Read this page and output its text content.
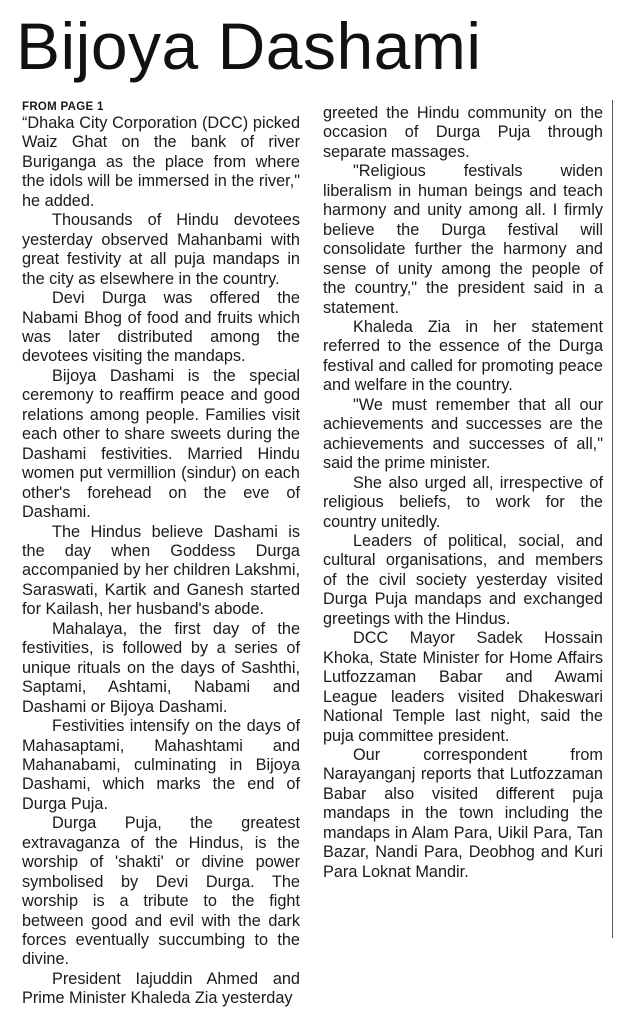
Bijoya Dashami
FROM PAGE 1

“Dhaka City Corporation (DCC) picked Waiz Ghat on the bank of river Buriganga as the place from where the idols will be immersed in the river," he added.

Thousands of Hindu devotees yesterday observed Mahanbami with great festivity at all puja mandaps in the city as elsewhere in the country.

Devi Durga was offered the Nabami Bhog of food and fruits which was later distributed among the devotees visiting the mandaps.

Bijoya Dashami is the special ceremony to reaffirm peace and good relations among people. Families visit each other to share sweets during the Dashami festivities. Married Hindu women put vermillion (sindur) on each other's forehead on the eve of Dashami.

The Hindus believe Dashami is the day when Goddess Durga accompanied by her children Lakshmi, Saraswati, Kartik and Ganesh started for Kailash, her husband's abode.

Mahalaya, the first day of the festivities, is followed by a series of unique rituals on the days of Sashthi, Saptami, Ashtami, Nabami and Dashami or Bijoya Dashami.

Festivities intensify on the days of Mahasaptami, Mahashtami and Mahanabami, culminating in Bijoya Dashami, which marks the end of Durga Puja.

Durga Puja, the greatest extravaganza of the Hindus, is the worship of 'shakti' or divine power symbolised by Devi Durga. The worship is a tribute to the fight between good and evil with the dark forces eventually succumbing to the divine.

President Iajuddin Ahmed and Prime Minister Khaleda Zia yesterday

greeted the Hindu community on the occasion of Durga Puja through separate massages.

"Religious festivals widen liberalism in human beings and teach harmony and unity among all. I firmly believe the Durga festival will consolidate further the harmony and sense of unity among the people of the country," the president said in a statement.

Khaleda Zia in her statement referred to the essence of the Durga festival and called for promoting peace and welfare in the country.

"We must remember that all our achievements and successes are the achievements and successes of all," said the prime minister.

She also urged all, irrespective of religious beliefs, to work for the country unitedly.

Leaders of political, social, and cultural organisations, and members of the civil society yesterday visited Durga Puja mandaps and exchanged greetings with the Hindus.

DCC Mayor Sadek Hossain Khoka, State Minister for Home Affairs Lutfozzaman Babar and Awami League leaders visited Dhakeswari National Temple last night, said the puja committee president.

Our correspondent from Narayanganj reports that Lutfozzaman Babar also visited different puja mandaps in the town including the mandaps in Alam Para, Uikil Para, Tan Bazar, Nandi Para, Deobhog and Kuri Para Loknat Mandir.
